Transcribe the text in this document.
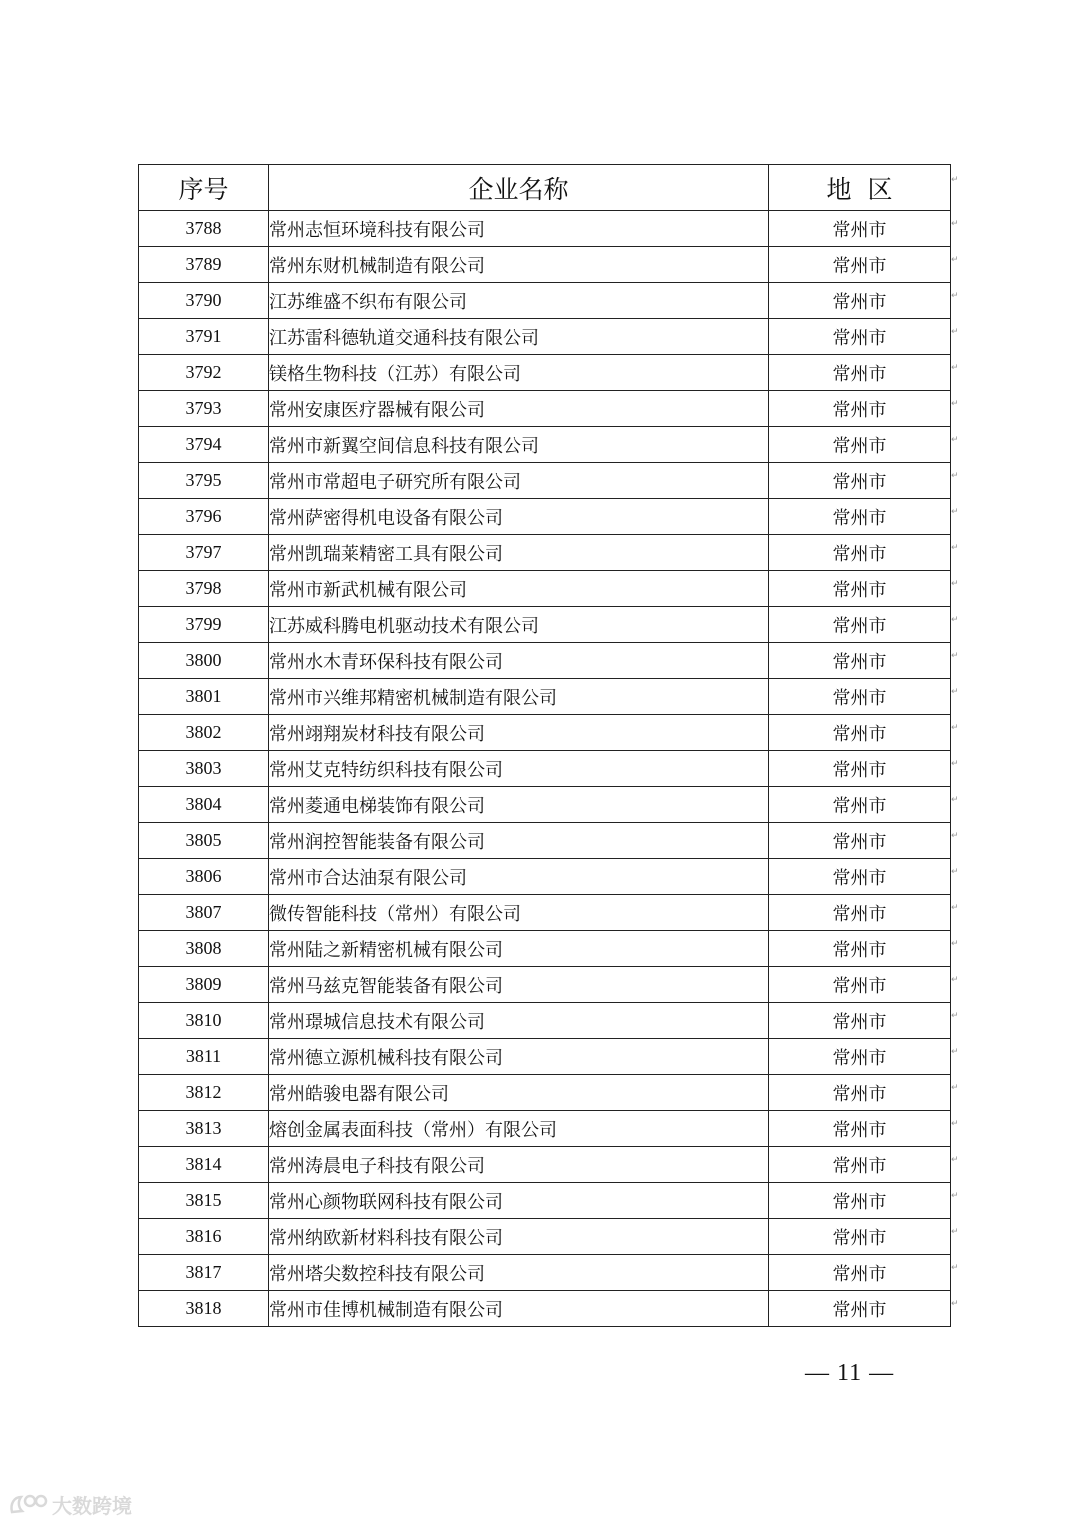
序号	企业名称	地  区
3788	常州志恒环境科技有限公司	常州市
3789	常州东财机械制造有限公司	常州市
3790	江苏维盛不织布有限公司	常州市
3791	江苏雷科德轨道交通科技有限公司	常州市
3792	镁格生物科技（江苏）有限公司	常州市
3793	常州安康医疗器械有限公司	常州市
3794	常州市新翼空间信息科技有限公司	常州市
3795	常州市常超电子研究所有限公司	常州市
3796	常州萨密得机电设备有限公司	常州市
3797	常州凯瑞莱精密工具有限公司	常州市
3798	常州市新武机械有限公司	常州市
3799	江苏威科腾电机驱动技术有限公司	常州市
3800	常州水木青环保科技有限公司	常州市
3801	常州市兴维邦精密机械制造有限公司	常州市
3802	常州翊翔炭材科技有限公司	常州市
3803	常州艾克特纺织科技有限公司	常州市
3804	常州菱通电梯装饰有限公司	常州市
3805	常州润控智能装备有限公司	常州市
3806	常州市合达油泵有限公司	常州市
3807	微传智能科技（常州）有限公司	常州市
3808	常州陆之新精密机械有限公司	常州市
3809	常州马兹克智能装备有限公司	常州市
3810	常州璟城信息技术有限公司	常州市
3811	常州德立源机械科技有限公司	常州市
3812	常州皓骏电器有限公司	常州市
3813	熔创金属表面科技（常州）有限公司	常州市
3814	常州涛晨电子科技有限公司	常州市
3815	常州心颜物联网科技有限公司	常州市
3816	常州纳欧新材料科技有限公司	常州市
3817	常州塔尖数控科技有限公司	常州市
3818	常州市佳博机械制造有限公司	常州市
↵
↵
↵
↵
↵
↵
↵
↵
↵
↵
↵
↵
↵
↵
↵
↵
↵
↵
↵
↵
↵
↵
↵
↵
↵
↵
↵
↵
↵
↵
↵
↵
— 11 —
大数跨境
